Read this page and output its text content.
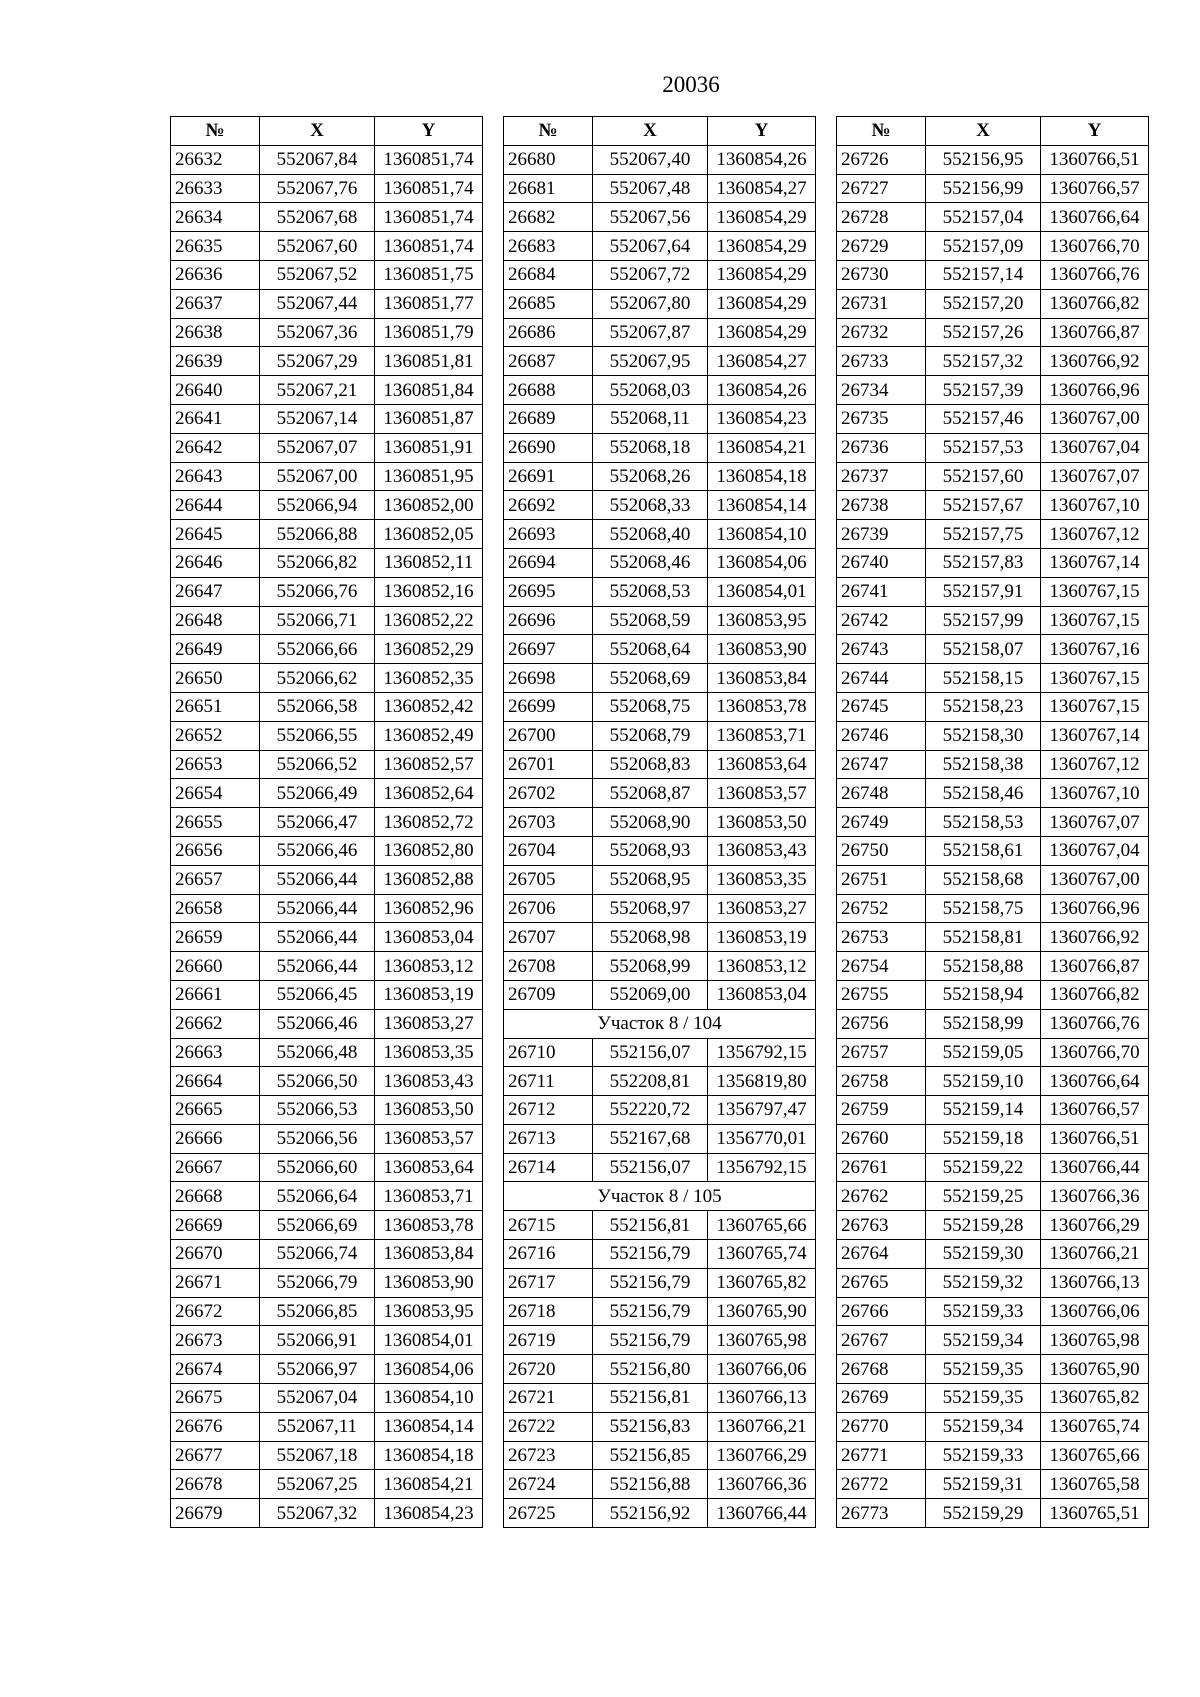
20036
№	X	Y
26632	552067,84	1360851,74
26633	552067,76	1360851,74
26634	552067,68	1360851,74
26635	552067,60	1360851,74
26636	552067,52	1360851,75
26637	552067,44	1360851,77
26638	552067,36	1360851,79
26639	552067,29	1360851,81
26640	552067,21	1360851,84
26641	552067,14	1360851,87
26642	552067,07	1360851,91
26643	552067,00	1360851,95
26644	552066,94	1360852,00
26645	552066,88	1360852,05
26646	552066,82	1360852,11
26647	552066,76	1360852,16
26648	552066,71	1360852,22
26649	552066,66	1360852,29
26650	552066,62	1360852,35
26651	552066,58	1360852,42
26652	552066,55	1360852,49
26653	552066,52	1360852,57
26654	552066,49	1360852,64
26655	552066,47	1360852,72
26656	552066,46	1360852,80
26657	552066,44	1360852,88
26658	552066,44	1360852,96
26659	552066,44	1360853,04
26660	552066,44	1360853,12
26661	552066,45	1360853,19
26662	552066,46	1360853,27
26663	552066,48	1360853,35
26664	552066,50	1360853,43
26665	552066,53	1360853,50
26666	552066,56	1360853,57
26667	552066,60	1360853,64
26668	552066,64	1360853,71
26669	552066,69	1360853,78
26670	552066,74	1360853,84
26671	552066,79	1360853,90
26672	552066,85	1360853,95
26673	552066,91	1360854,01
26674	552066,97	1360854,06
26675	552067,04	1360854,10
26676	552067,11	1360854,14
26677	552067,18	1360854,18
26678	552067,25	1360854,21
26679	552067,32	1360854,23
№	X	Y
26680	552067,40	1360854,26
26681	552067,48	1360854,27
26682	552067,56	1360854,29
26683	552067,64	1360854,29
26684	552067,72	1360854,29
26685	552067,80	1360854,29
26686	552067,87	1360854,29
26687	552067,95	1360854,27
26688	552068,03	1360854,26
26689	552068,11	1360854,23
26690	552068,18	1360854,21
26691	552068,26	1360854,18
26692	552068,33	1360854,14
26693	552068,40	1360854,10
26694	552068,46	1360854,06
26695	552068,53	1360854,01
26696	552068,59	1360853,95
26697	552068,64	1360853,90
26698	552068,69	1360853,84
26699	552068,75	1360853,78
26700	552068,79	1360853,71
26701	552068,83	1360853,64
26702	552068,87	1360853,57
26703	552068,90	1360853,50
26704	552068,93	1360853,43
26705	552068,95	1360853,35
26706	552068,97	1360853,27
26707	552068,98	1360853,19
26708	552068,99	1360853,12
26709	552069,00	1360853,04
Участок 8 / 104		
26710	552156,07	1356792,15
26711	552208,81	1356819,80
26712	552220,72	1356797,47
26713	552167,68	1356770,01
26714	552156,07	1356792,15
Участок 8 / 105		
26715	552156,81	1360765,66
26716	552156,79	1360765,74
26717	552156,79	1360765,82
26718	552156,79	1360765,90
26719	552156,79	1360765,98
26720	552156,80	1360766,06
26721	552156,81	1360766,13
26722	552156,83	1360766,21
26723	552156,85	1360766,29
26724	552156,88	1360766,36
26725	552156,92	1360766,44
№	X	Y
26726	552156,95	1360766,51
26727	552156,99	1360766,57
26728	552157,04	1360766,64
26729	552157,09	1360766,70
26730	552157,14	1360766,76
26731	552157,20	1360766,82
26732	552157,26	1360766,87
26733	552157,32	1360766,92
26734	552157,39	1360766,96
26735	552157,46	1360767,00
26736	552157,53	1360767,04
26737	552157,60	1360767,07
26738	552157,67	1360767,10
26739	552157,75	1360767,12
26740	552157,83	1360767,14
26741	552157,91	1360767,15
26742	552157,99	1360767,15
26743	552158,07	1360767,16
26744	552158,15	1360767,15
26745	552158,23	1360767,15
26746	552158,30	1360767,14
26747	552158,38	1360767,12
26748	552158,46	1360767,10
26749	552158,53	1360767,07
26750	552158,61	1360767,04
26751	552158,68	1360767,00
26752	552158,75	1360766,96
26753	552158,81	1360766,92
26754	552158,88	1360766,87
26755	552158,94	1360766,82
26756	552158,99	1360766,76
26757	552159,05	1360766,70
26758	552159,10	1360766,64
26759	552159,14	1360766,57
26760	552159,18	1360766,51
26761	552159,22	1360766,44
26762	552159,25	1360766,36
26763	552159,28	1360766,29
26764	552159,30	1360766,21
26765	552159,32	1360766,13
26766	552159,33	1360766,06
26767	552159,34	1360765,98
26768	552159,35	1360765,90
26769	552159,35	1360765,82
26770	552159,34	1360765,74
26771	552159,33	1360765,66
26772	552159,31	1360765,58
26773	552159,29	1360765,51
